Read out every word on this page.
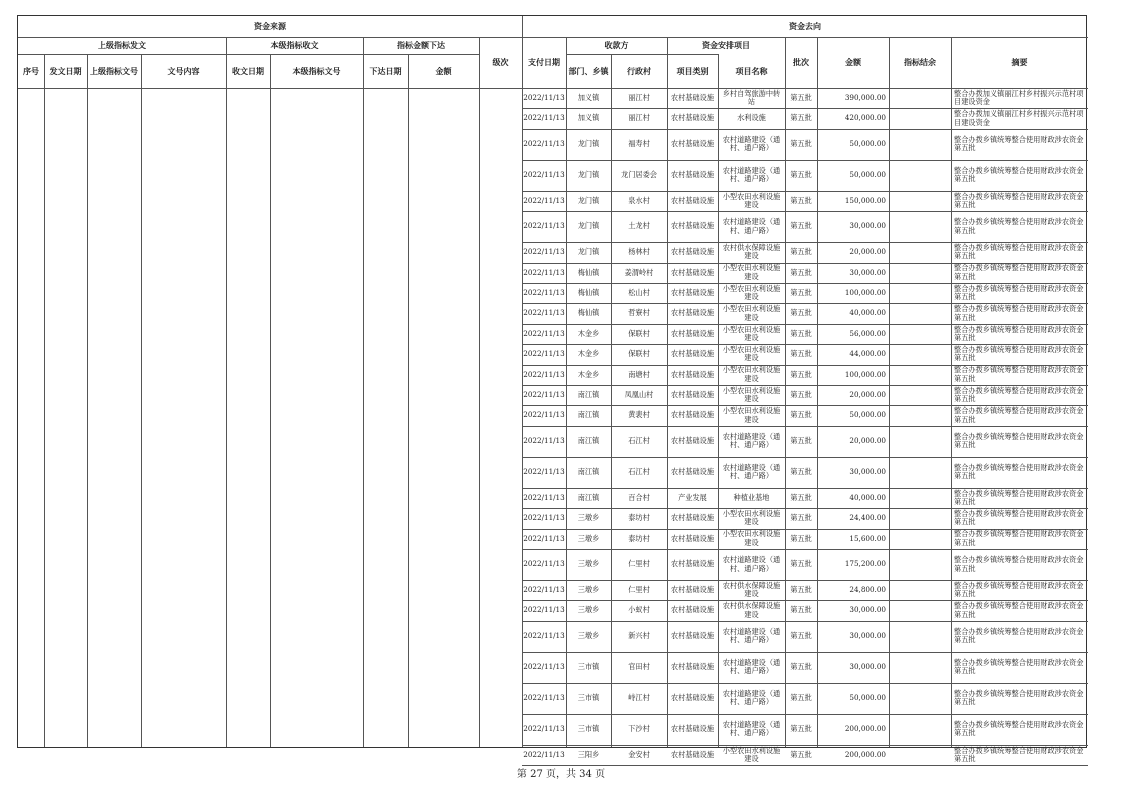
资金来源	资金去向
上级指标发文	本级指标收文	指标金额下达
级次	支付日期
收款方	资金安排项目
序号	发文日期	上级指标文号	文号内容	收文日期	本级指标文号	下达日期	金额	部门、乡镇	行政村	项目类别	项目名称
批次	金额	指标结余	摘要
2022/11/13	加义镇	丽江村	农村基础设施	乡村自驾旅游中转站	第五批	390,000.00	整合办拨加义镇丽江村乡村振兴示范村项目建设资金
2022/11/13	加义镇	丽江村	农村基础设施	水利设施	第五批	420,000.00	整合办拨加义镇丽江村乡村振兴示范村项目建设资金
2022/11/13	龙门镇	福寿村	农村基础设施	农村道路建设（通村、通户路）	第五批	50,000.00	整合办拨乡镇统筹整合使用财政涉农资金第五批
2022/11/13	龙门镇	龙门居委会	农村基础设施	农村道路建设（通村、通户路）	第五批	50,000.00	整合办拨乡镇统筹整合使用财政涉农资金第五批
2022/11/13	龙门镇	泉水村	农村基础设施	小型农田水利设施建设	第五批	150,000.00	整合办拨乡镇统筹整合使用财政涉农资金第五批
2022/11/13	龙门镇	土龙村	农村基础设施	农村道路建设（通村、通户路）	第五批	30,000.00	整合办拨乡镇统筹整合使用财政涉农资金第五批
2022/11/13	龙门镇	杨林村	农村基础设施	农村供水保障设施建设	第五批	20,000.00	整合办拨乡镇统筹整合使用财政涉农资金第五批
2022/11/13	梅仙镇	姜渭岭村	农村基础设施	小型农田水利设施建设	第五批	30,000.00	整合办拨乡镇统筹整合使用财政涉农资金第五批
2022/11/13	梅仙镇	松山村	农村基础设施	小型农田水利设施建设	第五批	100,000.00	整合办拨乡镇统筹整合使用财政涉农资金第五批
2022/11/13	梅仙镇	哲寮村	农村基础设施	小型农田水利设施建设	第五批	40,000.00	整合办拨乡镇统筹整合使用财政涉农资金第五批
2022/11/13	木金乡	保联村	农村基础设施	小型农田水利设施建设	第五批	56,000.00	整合办拨乡镇统筹整合使用财政涉农资金第五批
2022/11/13	木金乡	保联村	农村基础设施	小型农田水利设施建设	第五批	44,000.00	整合办拨乡镇统筹整合使用财政涉农资金第五批
2022/11/13	木金乡	南塘村	农村基础设施	小型农田水利设施建设	第五批	100,000.00	整合办拨乡镇统筹整合使用财政涉农资金第五批
2022/11/13	南江镇	凤凰山村	农村基础设施	小型农田水利设施建设	第五批	20,000.00	整合办拨乡镇统筹整合使用财政涉农资金第五批
2022/11/13	南江镇	黄裴村	农村基础设施	小型农田水利设施建设	第五批	50,000.00	整合办拨乡镇统筹整合使用财政涉农资金第五批
2022/11/13	南江镇	石江村	农村基础设施	农村道路建设（通村、通户路）	第五批	20,000.00	整合办拨乡镇统筹整合使用财政涉农资金第五批
2022/11/13	南江镇	石江村	农村基础设施	农村道路建设（通村、通户路）	第五批	30,000.00	整合办拨乡镇统筹整合使用财政涉农资金第五批
2022/11/13	南江镇	百合村	产业发展	种植业基地	第五批	40,000.00	整合办拨乡镇统筹整合使用财政涉农资金第五批
2022/11/13	三墩乡	泰坊村	农村基础设施	小型农田水利设施建设	第五批	24,400.00	整合办拨乡镇统筹整合使用财政涉农资金第五批
2022/11/13	三墩乡	泰坊村	农村基础设施	小型农田水利设施建设	第五批	15,600.00	整合办拨乡镇统筹整合使用财政涉农资金第五批
2022/11/13	三墩乡	仁里村	农村基础设施	农村道路建设（通村、通户路）	第五批	175,200.00	整合办拨乡镇统筹整合使用财政涉农资金第五批
2022/11/13	三墩乡	仁里村	农村基础设施	农村供水保障设施建设	第五批	24,800.00	整合办拨乡镇统筹整合使用财政涉农资金第五批
2022/11/13	三墩乡	小蚁村	农村基础设施	农村供水保障设施建设	第五批	30,000.00	整合办拨乡镇统筹整合使用财政涉农资金第五批
2022/11/13	三墩乡	新兴村	农村基础设施	农村道路建设（通村、通户路）	第五批	30,000.00	整合办拨乡镇统筹整合使用财政涉农资金第五批
2022/11/13	三市镇	官田村	农村基础设施	农村道路建设（通村、通户路）	第五批	30,000.00	整合办拨乡镇统筹整合使用财政涉农资金第五批
2022/11/13	三市镇	峙江村	农村基础设施	农村道路建设（通村、通户路）	第五批	50,000.00	整合办拨乡镇统筹整合使用财政涉农资金第五批
2022/11/13	三市镇	下沙村	农村基础设施	农村道路建设（通村、通户路）	第五批	200,000.00	整合办拨乡镇统筹整合使用财政涉农资金第五批
2022/11/13	三阳乡	金安村	农村基础设施	小型农田水利设施建设	第五批	200,000.00	整合办拨乡镇统筹整合使用财政涉农资金第五批
第 27 页，共 34 页
